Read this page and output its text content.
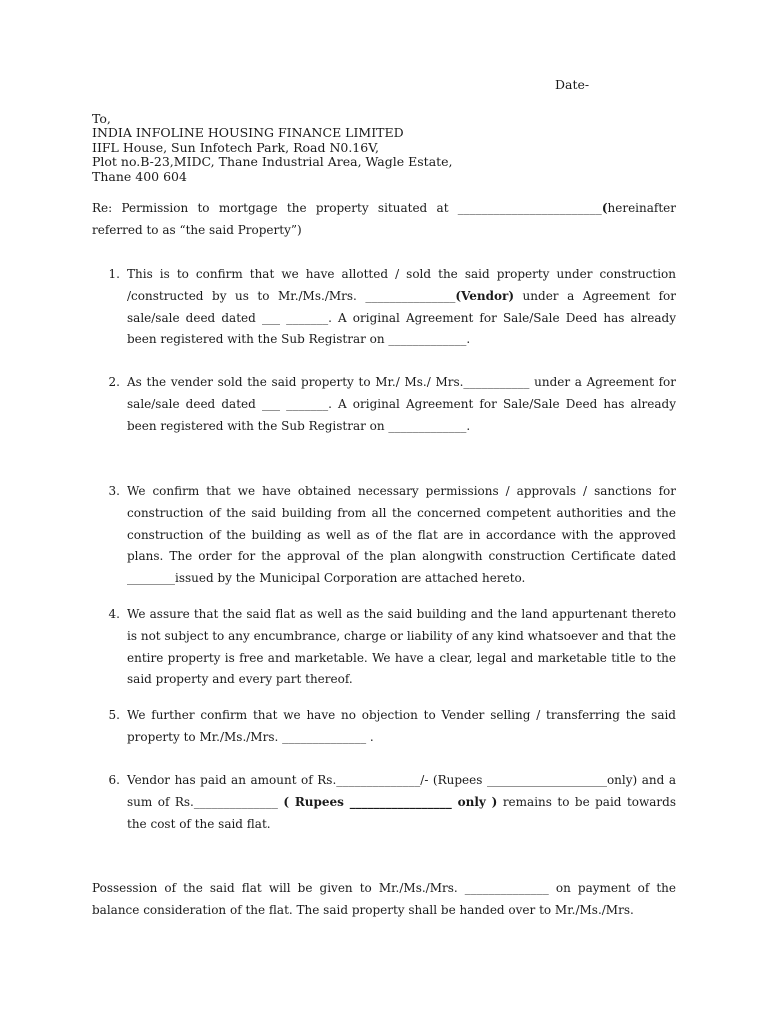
Date-
To,
INDIA INFOLINE HOUSING FINANCE LIMITED
IIFL House, Sun Infotech Park, Road N0.16V,
Plot no.B-23,MIDC, Thane Industrial Area, Wagle Estate,
Thane 400 604
Re: Permission to mortgage the property situated at ________________________(hereinafter referred to as “the said Property”)
1. This is to confirm that we have allotted / sold the said property under construction /constructed by us to Mr./Ms./Mrs. _______________(Vendor) under a Agreement for sale/sale deed dated ___ _______. A original Agreement for Sale/Sale Deed has already been registered with the Sub Registrar on _____________.
2. As the vender sold the said property to Mr./ Ms./ Mrs.___________ under a Agreement for sale/sale deed dated ___ _______. A original Agreement for Sale/Sale Deed has already been registered with the Sub Registrar on _____________.
3. We confirm that we have obtained necessary permissions / approvals / sanctions for construction of the said building from all the concerned competent authorities and the construction of the building as well as of the flat are in accordance with the approved plans. The order for the approval of the plan alongwith construction Certificate dated ________issued by the Municipal Corporation are attached hereto.
4. We assure that the said flat as well as the said building and the land appurtenant thereto is not subject to any encumbrance, charge or liability of any kind whatsoever and that the entire property is free and marketable. We have a clear, legal and marketable title to the said property and every part thereof.
5. We further confirm that we have no objection to Vender selling / transferring the said property to Mr./Ms./Mrs. ______________ .
6. Vendor has paid an amount of Rs.______________/- (Rupees ____________________only) and a sum of Rs.______________ ( Rupees _________________ only ) remains to be paid towards the cost of the said flat.
Possession of the said flat will be given to Mr./Ms./Mrs. ______________ on payment of the balance consideration of the flat. The said property shall be handed over to Mr./Ms./Mrs.
